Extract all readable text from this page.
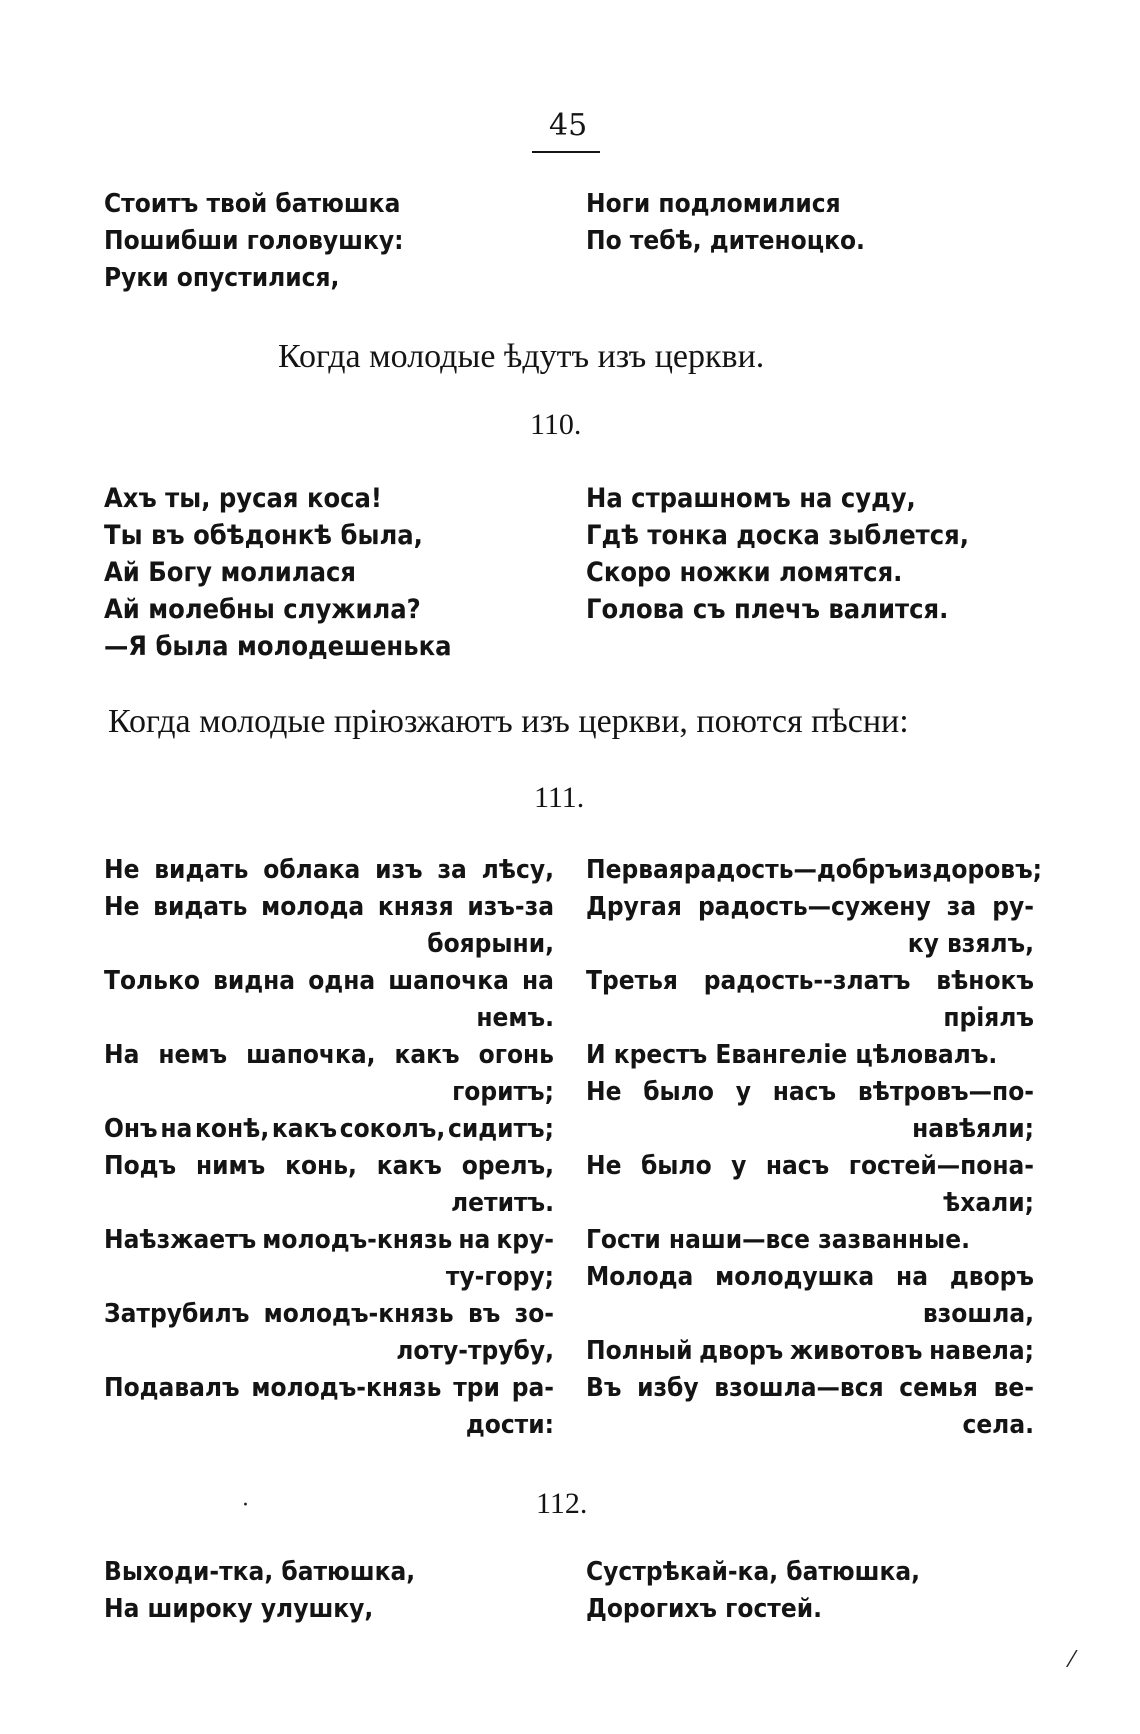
45
Стоитъ твой батюшка
Пошибши головушку:
Руки опустилися,
Ноги подломилися
По тебѣ, дитеноцко.
Когда молодые ѣдутъ изъ церкви.
110.
Ахъ ты, русая коса!
Ты въ обѣдонкѣ была,
Ай Богу молилася
Ай молебны служила?
—Я была молодешенька
На страшномъ на суду,
Гдѣ тонка доска зыблется,
Скоро ножки ломятся.
Голова съ плечъ валится.
Когда молодые пріюзжаютъ изъ церкви, поются пѣсни:
111.
Не видать облака изъ за лѣсу,
Не видать молода князя изъ-за
боярыни,
Только видна одна шапочка на
немъ.
На немъ шапочка, какъ огонь
горитъ;
Онъ на конѣ, какъ соколъ, сидитъ;
Подъ нимъ конь, какъ орелъ,
летитъ.
Наѣзжаетъ молодъ-князь на кру-
ту-гору;
Затрубилъ молодъ-князь въ зо-
лоту-трубу,
Подавалъ молодъ-князь три ра-
дости:
Первая радость—добръ и здоровъ;
Другая радость—сужену за ру-
ку взялъ,
Третья радость--златъ вѣнокъ
пріялъ
И крестъ Евангеліе цѣловалъ.
Не было у насъ вѣтровъ—по-
навѣяли;
Не было у насъ гостей—пона-
ѣхали;
Гости наши—все зазванные.
Молода молодушка на дворъ
взошла,
Полный дворъ животовъ навела;
Въ избу взошла—вся семья ве-
села.
112.
Выходи-тка, батюшка,
На широку улушку,
Сустрѣкай-ка, батюшка,
Дорогихъ гостей.
·
⁄
